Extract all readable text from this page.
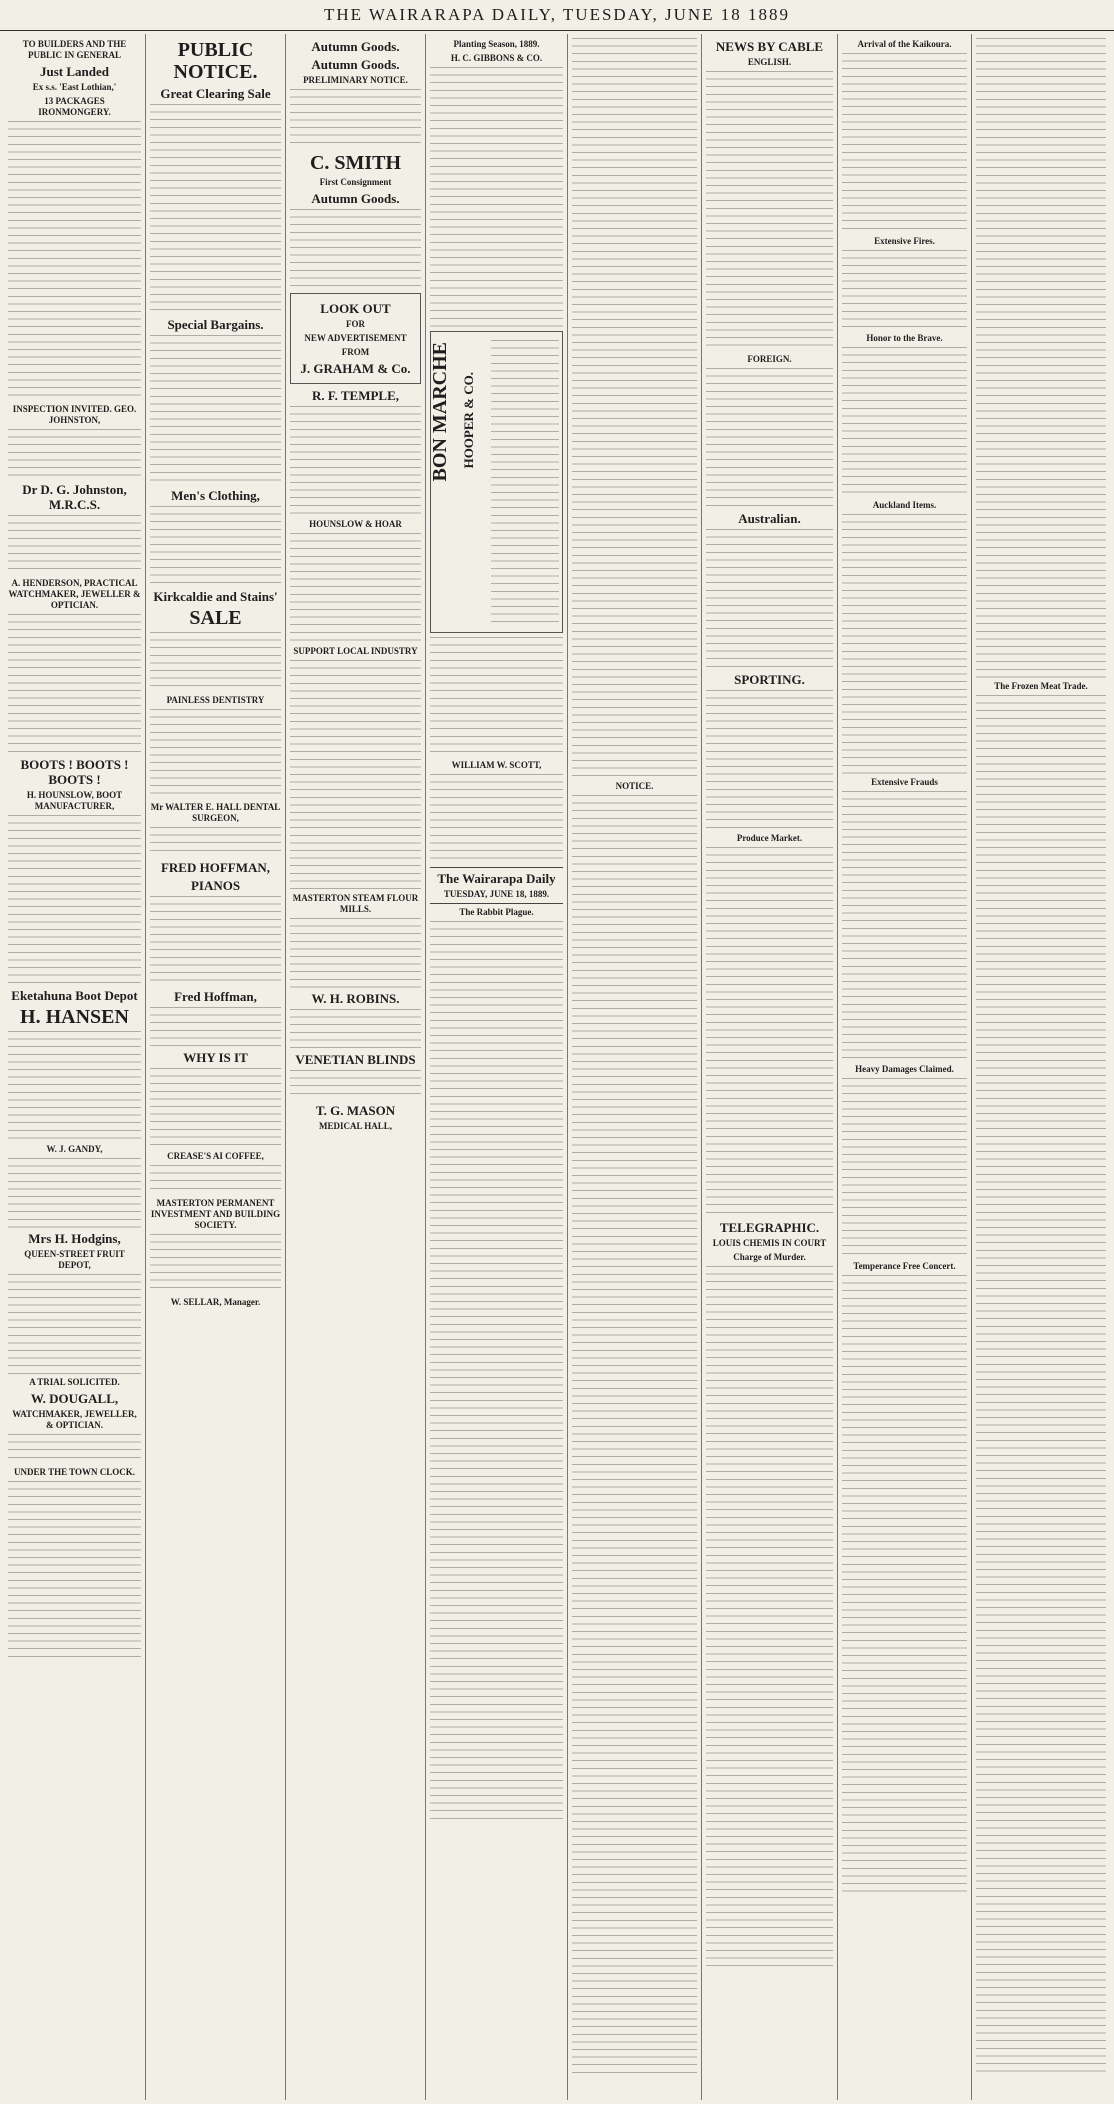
THE WAIRARAPA DAILY, TUESDAY, JUNE 18 1889
TO BUILDERS AND THE PUBLIC IN GENERAL
Just Landed
Ex s.s. 'East Lothian,'
13 PACKAGES IRONMONGERY.
INSPECTION INVITED. GEO. JOHNSTON,
Dr D. G. Johnston, M.R.C.S.
A. HENDERSON, PRACTICAL WATCHMAKER, JEWELLER & OPTICIAN.
BOOTS ! BOOTS ! BOOTS !
H. HOUNSLOW, BOOT MANUFACTURER,
Eketahuna Boot Depot
H. HANSEN
W. J. GANDY,
Mrs H. Hodgins,
QUEEN-STREET FRUIT DEPOT,
A TRIAL SOLICITED.
W. DOUGALL,
WATCHMAKER, JEWELLER, & OPTICIAN.
UNDER THE TOWN CLOCK.
PUBLIC NOTICE.
Great Clearing Sale
Special Bargains.
Men's Clothing,
Kirkcaldie and Stains'
SALE
PAINLESS DENTISTRY
Mr WALTER E. HALL DENTAL SURGEON,
FRED HOFFMAN,
PIANOS
Fred Hoffman,
WHY IS IT
CREASE'S AI COFFEE,
MASTERTON PERMANENT INVESTMENT AND BUILDING SOCIETY.
W. SELLAR, Manager.
Autumn Goods.
Autumn Goods.
PRELIMINARY NOTICE.
C. SMITH
First Consignment
Autumn Goods.
LOOK OUT
FOR
NEW ADVERTISEMENT
FROM
J. GRAHAM & Co.
R. F. TEMPLE,
HOUNSLOW & HOAR
SUPPORT LOCAL INDUSTRY
MASTERTON STEAM FLOUR MILLS.
W. H. ROBINS.
VENETIAN BLINDS
T. G. MASON
MEDICAL HALL,
Planting Season, 1889.
H. C. GIBBONS & CO.
BON MARCHE HOOPER & CO.
WILLIAM W. SCOTT,
The Wairarapa Daily
TUESDAY, JUNE 18, 1889.
The Rabbit Plague.
NOTICE.
NEWS BY CABLE
ENGLISH.
FOREIGN.
Australian.
SPORTING.
Produce Market.
TELEGRAPHIC.
LOUIS CHEMIS IN COURT
Charge of Murder.
Arrival of the Kaikoura.
Extensive Fires.
Honor to the Brave.
Auckland Items.
Extensive Frauds
Heavy Damages Claimed.
Temperance Free Concert.
The Frozen Meat Trade.
